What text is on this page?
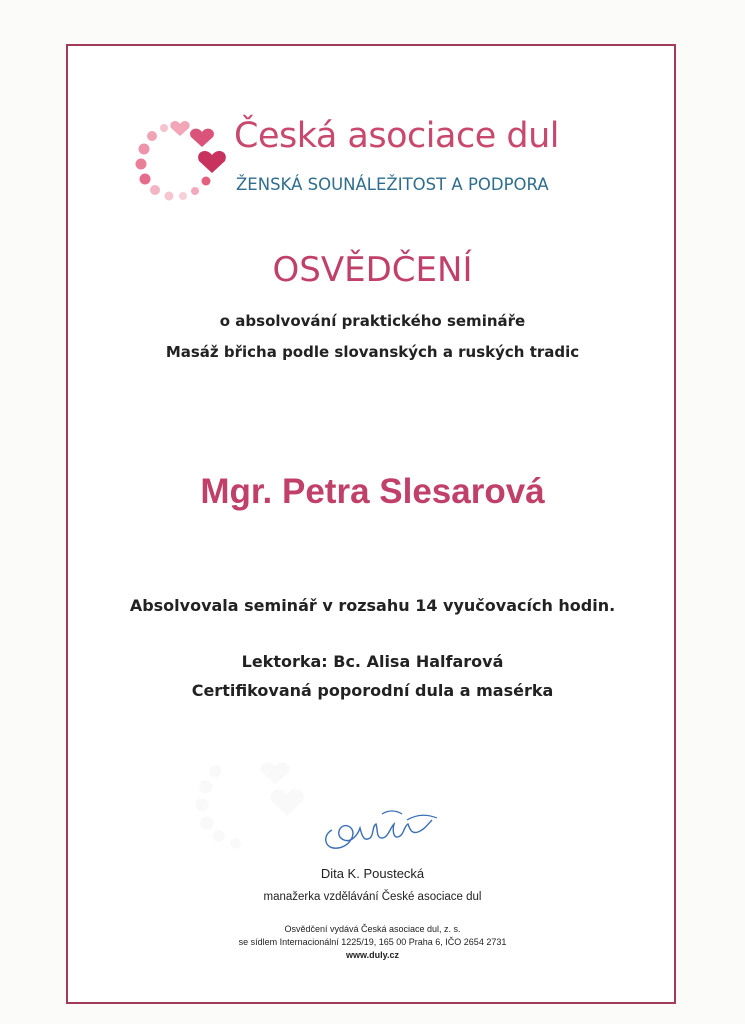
Česká asociace dul
ŽENSKÁ SOUNÁLEŽITOST A PODPORA
OSVĚDČENÍ
o absolvování praktického semináře
Masáž břicha podle slovanských a ruských tradic
Mgr. Petra Slesarová
Absolvovala seminář v rozsahu 14 vyučovacích hodin.
Lektorka: Bc. Alisa Halfarová
Certifikovaná poporodní dula a masérka
Dita K. Poustecká
manažerka vzdělávání České asociace dul
Osvědčení vydává Česká asociace dul, z. s.
se sídlem Internacionální 1225/19, 165 00 Praha 6, IČO 2654 2731
www.duly.cz
